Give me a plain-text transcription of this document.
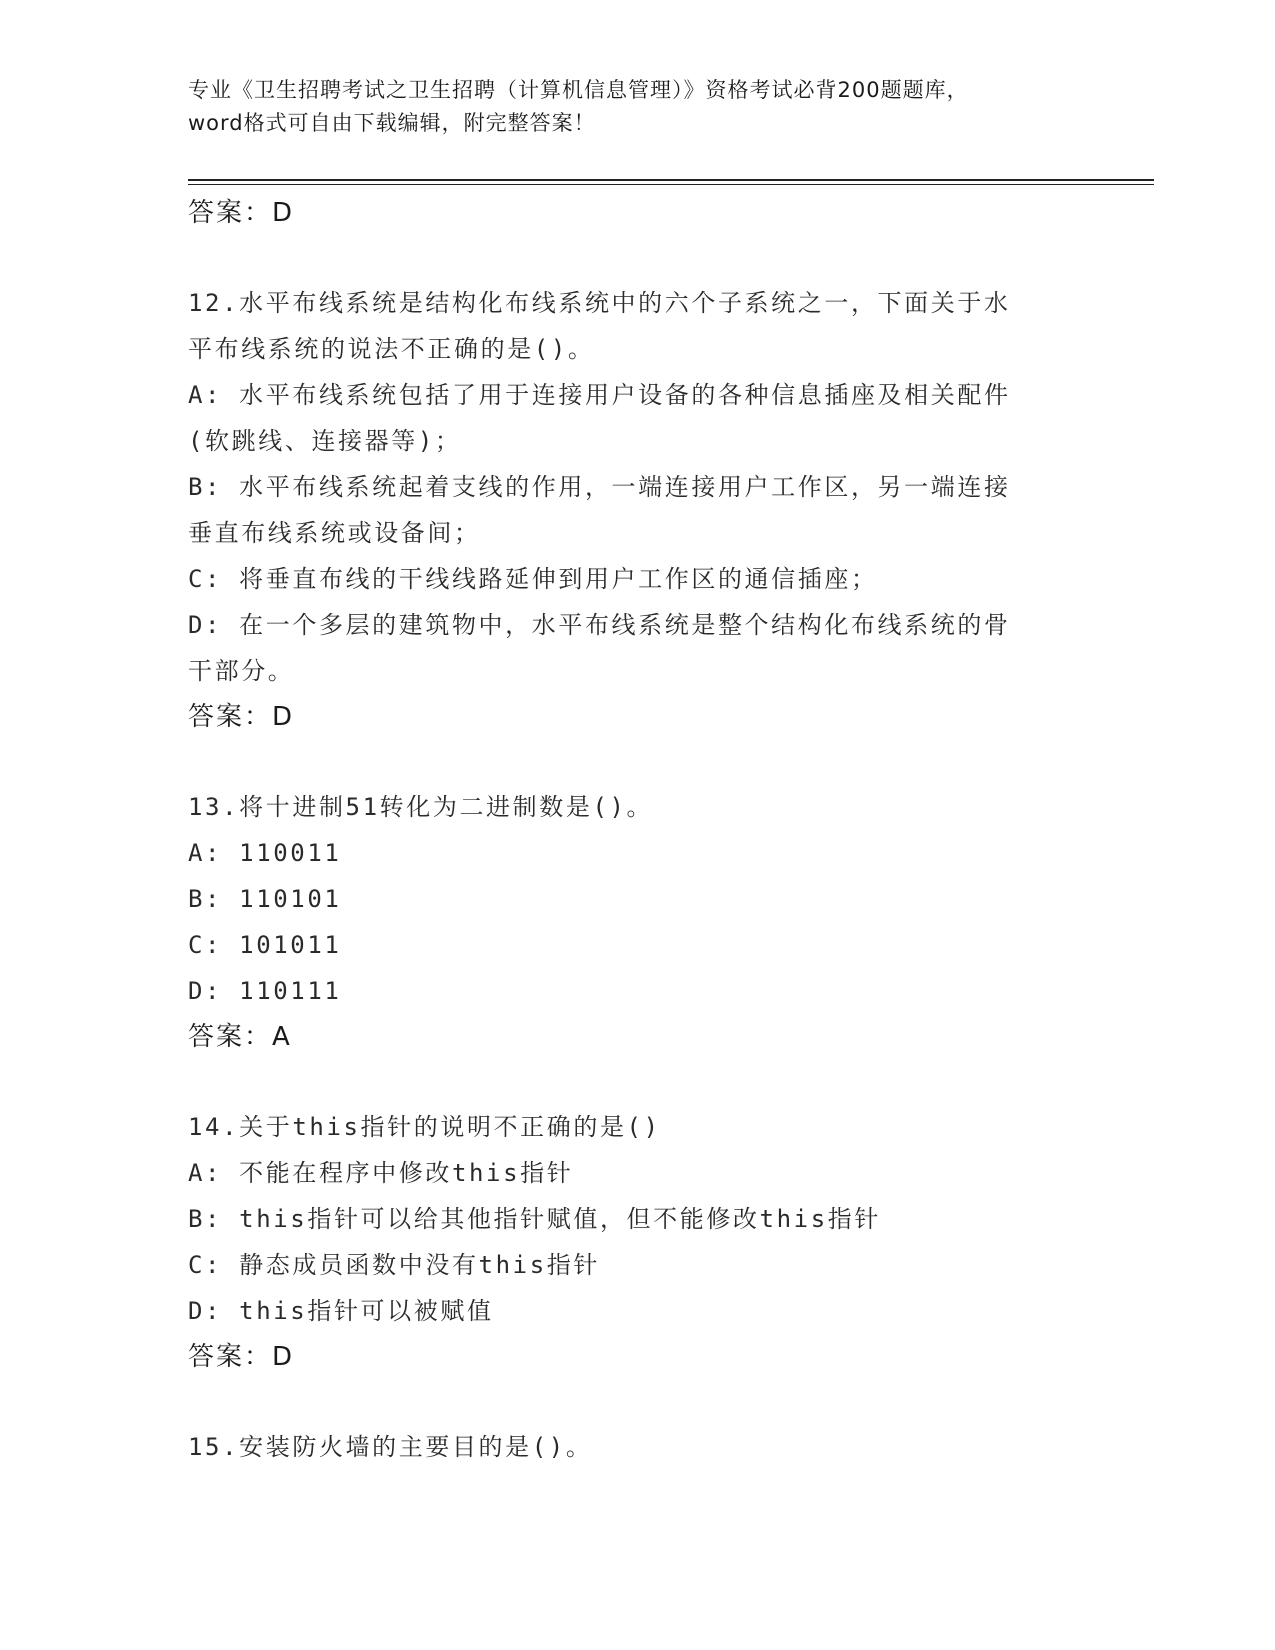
专业《卫生招聘考试之卫生招聘（计算机信息管理）》资格考试必背200题题库，
word格式可自由下载编辑，附完整答案！
答案：D
12.水平布线系统是结构化布线系统中的六个子系统之一，下面关于水
平布线系统的说法不正确的是()。
A: 水平布线系统包括了用于连接用户设备的各种信息插座及相关配件
(软跳线、连接器等)；
B: 水平布线系统起着支线的作用，一端连接用户工作区，另一端连接
垂直布线系统或设备间；
C: 将垂直布线的干线线路延伸到用户工作区的通信插座；
D: 在一个多层的建筑物中，水平布线系统是整个结构化布线系统的骨
干部分。
答案：D
13.将十进制51转化为二进制数是()。
A: 110011
B: 110101
C: 101011
D: 110111
答案：A
14.关于this指针的说明不正确的是()
A: 不能在程序中修改this指针
B: this指针可以给其他指针赋值，但不能修改this指针
C: 静态成员函数中没有this指针
D: this指针可以被赋值
答案：D
15.安装防火墙的主要目的是()。
